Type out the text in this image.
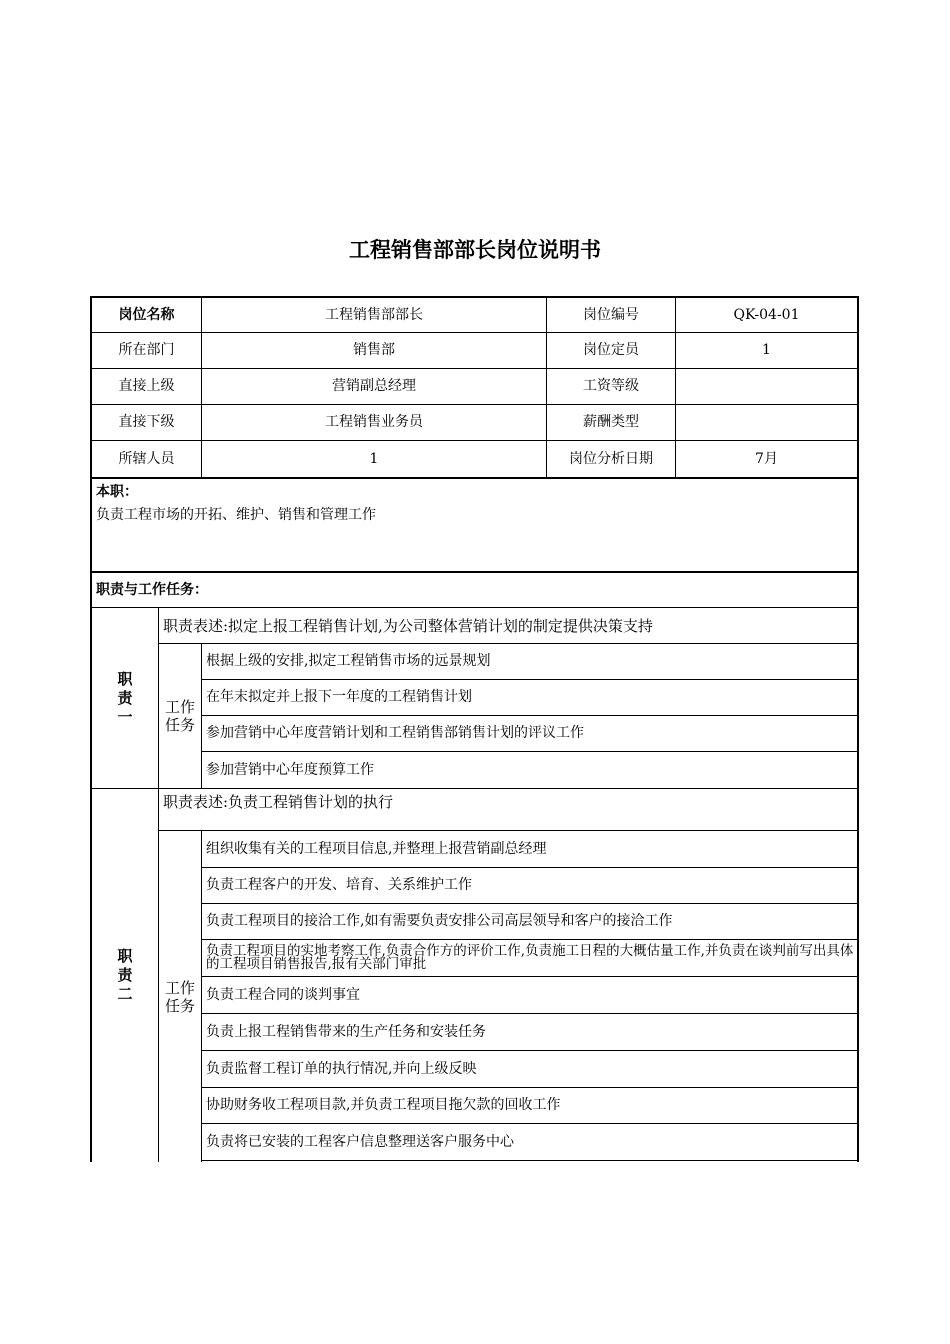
工程销售部部长岗位说明书
岗位名称	工程销售部部长	岗位编号	QK-04-01
所在部门	销售部	岗位定员	1
直接上级	营销副总经理	工资等级
直接下级	工程销售业务员	薪酬类型
所辖人员	1	岗位分析日期	7月
本职：
负责工程市场的开拓、维护、销售和管理工作
职责与工作任务：
职责一
职责表述:拟定上报工程销售计划,为公司整体营销计划的制定提供决策支持
工作任务
根据上级的安排,拟定工程销售市场的远景规划
在年末拟定并上报下一年度的工程销售计划
参加营销中心年度营销计划和工程销售部销售计划的评议工作
参加营销中心年度预算工作
职责二
职责表述:负责工程销售计划的执行
工作任务
组织收集有关的工程项目信息,并整理上报营销副总经理
负责工程客户的开发、培育、关系维护工作
负责工程项目的接洽工作,如有需要负责安排公司高层领导和客户的接洽工作
负责工程项目的实地考察工作,负责合作方的评价工作,负责施工日程的大概估量工作,并负责在谈判前写出具体的工程项目销售报告,报有关部门审批
负责工程合同的谈判事宜
负责上报工程销售带来的生产任务和安装任务
负责监督工程订单的执行情况,并向上级反映
协助财务收工程项目款,并负责工程项目拖欠款的回收工作
负责将已安装的工程客户信息整理送客户服务中心
